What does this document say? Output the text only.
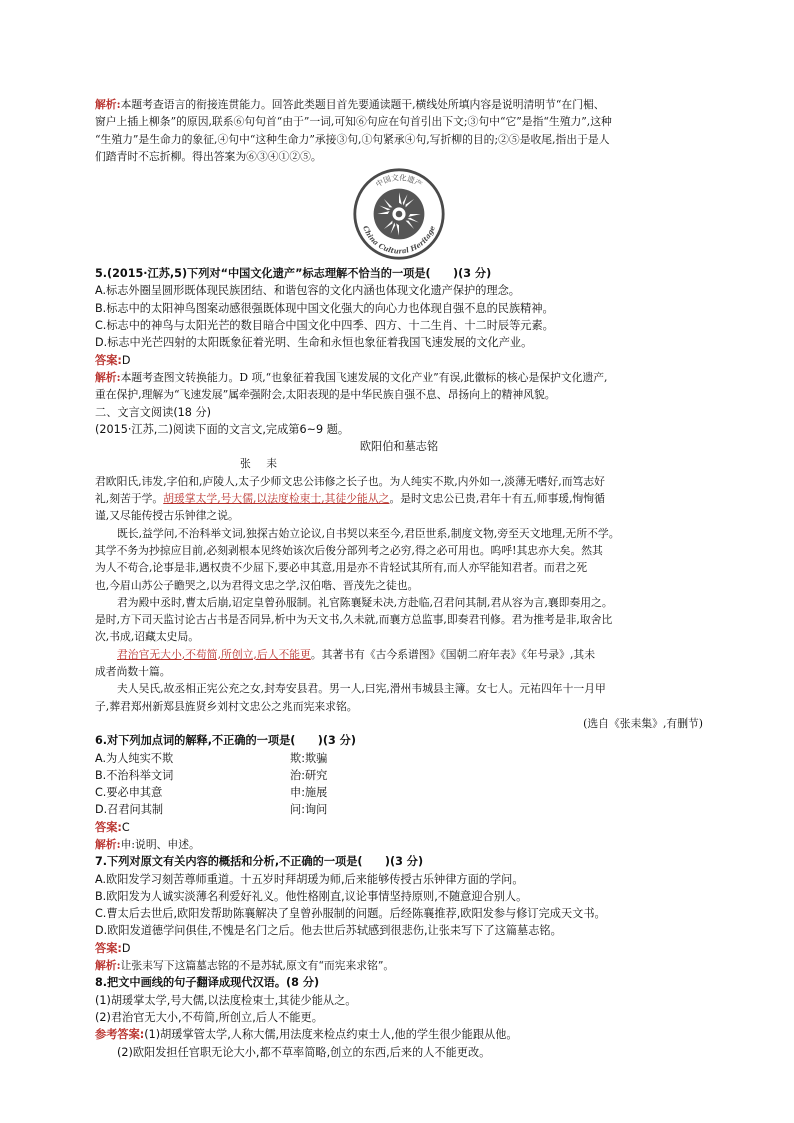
解析:本题考查语言的衔接连贯能力。回答此类题目首先要通读题干,横线处所填内容是说明清明节“在门楣、
窗户上插上柳条”的原因,联系⑥句句首“由于”一词,可知⑥句应在句首引出下文;③句中“它”是指“生殖力”,这种
“生殖力”是生命力的象征,④句中“这种生命力”承接③句,①句紧承④句,写折柳的目的;②⑤是收尾,指出于是人
们踏青时不忘折柳。得出答案为⑥③④①②⑤。
中国文化遗产
China Cultural Heritage
5.(2015·江苏,5)下列对“中国文化遗产”标志理解不恰当的一项是(　　)(3 分)
A.标志外圈呈圆形既体现民族团结、和谐包容的文化内涵也体现文化遗产保护的理念。
B.标志中的太阳神鸟图案动感很强既体现中国文化强大的向心力也体现自强不息的民族精神。
C.标志中的神鸟与太阳光芒的数目暗合中国文化中四季、四方、十二生肖、十二时辰等元素。
D.标志中光芒四射的太阳既象征着光明、生命和永恒也象征着我国飞速发展的文化产业。
答案:D
解析:本题考查图文转换能力。D 项,“也象征着我国飞速发展的文化产业”有误,此徽标的核心是保护文化遗产,
重在保护,理解为“飞速发展”属牵强附会,太阳表现的是中华民族自强不息、昂扬向上的精神风貌。
二、文言文阅读(18 分)
(2015·江苏,二)阅读下面的文言文,完成第6~9 题。
欧阳伯和墓志铭
张 耒
君欧阳氏,讳发,字伯和,庐陵人,太子少师文忠公讳修之长子也。为人纯实不欺,内外如一,淡薄无嗜好,而笃志好
礼,刻苦于学。胡瑗掌太学,号大儒,以法度检束士,其徒少能从之。是时文忠公已贵,君年十有五,师事瑗,恂恂循
谨,又尽能传授古乐钟律之说。
既长,益学问,不治科举文词,独探古始立论议,自书契以来至今,君臣世系,制度文物,旁至天文地理,无所不学。
其学不务为抄掠应目前,必刻剥根本见终始该次后俊分部列考之必穷,得之必可用也。呜呼!其忠亦大矣。然其
为人不苟合,论事是非,遇权贵不少屈下,要必申其意,用是亦不肯轻试其所有,而人亦罕能知君者。而君之死
也,今眉山苏公子瞻哭之,以为君得文忠之学,汉伯喈、晋茂先之徒也。
君为殿中丞时,曹太后崩,诏定皇曾孙服制。礼官陈襄疑未决,方赴临,召君问其制,君从容为言,襄即奏用之。
是时,方下司天监讨论古占书是否同异,析中为天文书,久未就,而襄方总监事,即奏君刊修。君为推考是非,取舍比
次,书成,诏藏太史局。
君治官无大小,不苟简,所创立,后人不能更。其著书有《古今系谱图》《国朝二府年表》《年号录》,其未
成者尚数十篇。
夫人吴氏,故丞相正宪公充之女,封寿安县君。男一人,曰宪,滑州韦城县主簿。女七人。元祐四年十一月甲
子,葬君郑州新郑县旌贤乡刘村文忠公之兆而宪来求铭。
(选自《张耒集》,有删节)
6.对下列加点词的解释,不正确的一项是(　　)(3 分)
A.为人纯实不欺	欺:欺骗
B.不治科举文词	治:研究
C.要必申其意	申:施展
D.召君问其制	问:询问
答案:C
解析:申:说明、申述。
7.下列对原文有关内容的概括和分析,不正确的一项是(　　)(3 分)
A.欧阳发学习刻苦尊师重道。十五岁时拜胡瑗为师,后来能够传授古乐钟律方面的学问。
B.欧阳发为人诚实淡薄名利爱好礼义。他性格刚直,议论事情坚持原则,不随意迎合别人。
C.曹太后去世后,欧阳发帮助陈襄解决了皇曾孙服制的问题。后经陈襄推荐,欧阳发参与修订完成天文书。
D.欧阳发道德学问俱佳,不愧是名门之后。他去世后苏轼感到很悲伤,让张耒写下了这篇墓志铭。
答案:D
解析:让张耒写下这篇墓志铭的不是苏轼,原文有“而宪来求铭”。
8.把文中画线的句子翻译成现代汉语。(8 分)
(1)胡瑗掌太学,号大儒,以法度检束士,其徒少能从之。
(2)君治官无大小,不苟简,所创立,后人不能更。
参考答案:(1)胡瑗掌管太学,人称大儒,用法度来检点约束士人,他的学生很少能跟从他。
(2)欧阳发担任官职无论大小,都不草率简略,创立的东西,后来的人不能更改。
